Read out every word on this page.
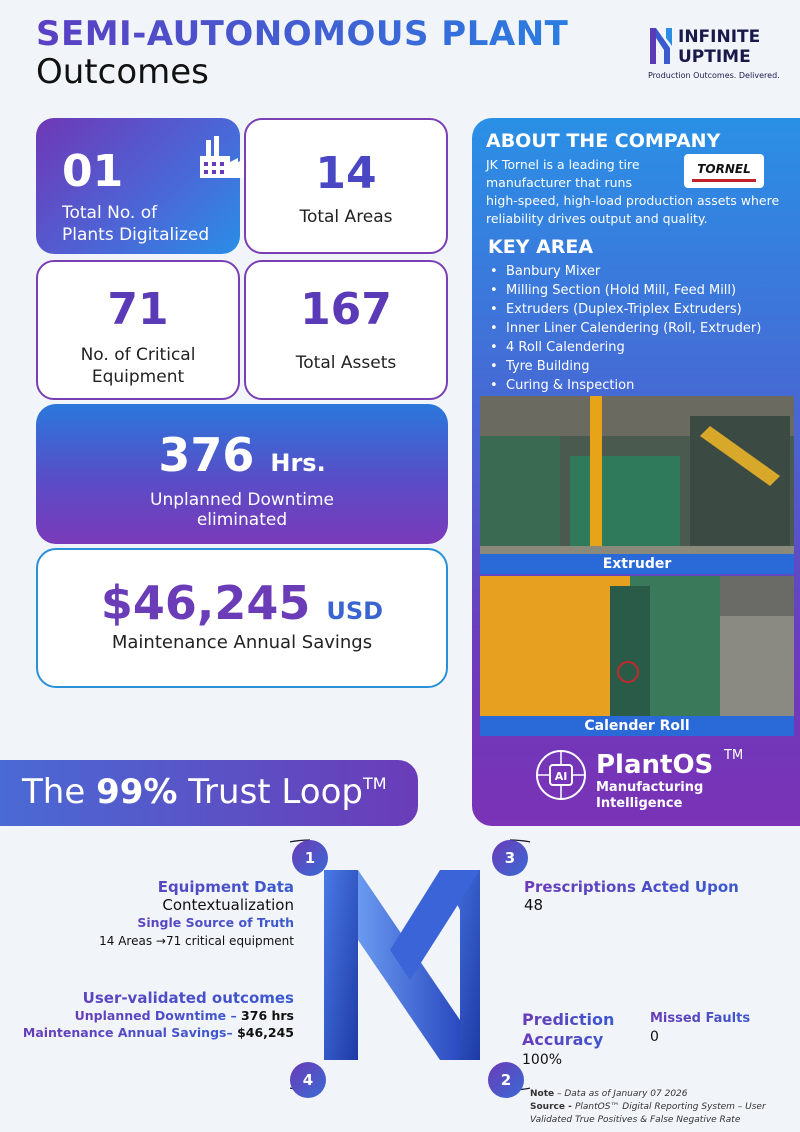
SEMI-AUTONOMOUS PLANT
Outcomes
INFINITE
UPTIME
Production Outcomes. Delivered.
01
Total No. of
Plants Digitalized
14
Total Areas
71
No. of Critical
Equipment
167
Total Assets
376 Hrs.
Unplanned Downtime
eliminated
$46,245 USD
Maintenance Annual Savings
ABOUT THE COMPANY
JK Tornel is a leading tire manufacturer that runs
high-speed, high-load production assets where reliability drives output and quality.
TORNEL
KEY AREA
• Banbury Mixer
• Milling Section (Hold Mill, Feed Mill)
• Extruders (Duplex-Triplex Extruders)
• Inner Liner Calendering (Roll, Extruder)
• 4 Roll Calendering
• Tyre Building
• Curing & Inspection
Extruder
Calender Roll
AI PlantOS TM
Manufacturing
Intelligence
The 99% Trust Loop™
1	3
4	2
Equipment Data
Contextualization
Single Source of Truth
14 Areas →71 critical equipment
Prescriptions Acted Upon
48
User-validated outcomes
Unplanned Downtime – 376 hrs
Maintenance Annual Savings– $46,245
Prediction
Accuracy
100%
Missed Faults
0
Note – Data as of January 07 2026
Source - PlantOS™ Digital Reporting System – User Validated True Positives & False Negative Rate
